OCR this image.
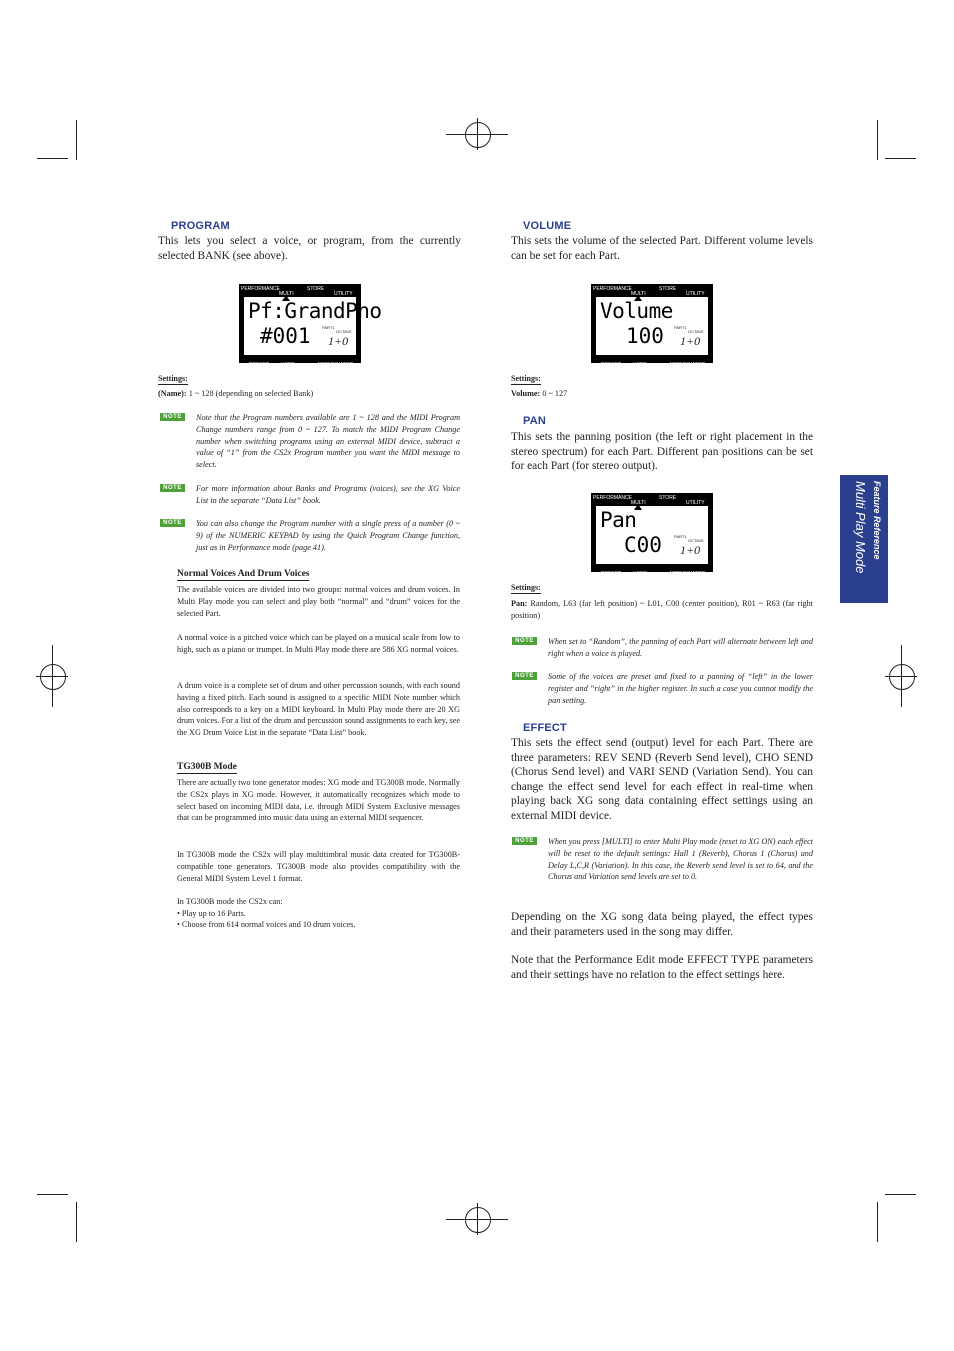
PROGRAM
This lets you select a voice, or program, from the currently selected BANK (see above).
PERFORMANCE
MULTI
STORE
UTILITY
Pf:GrandPno
#001	PART1
OCTAVE
1+0
PRESET USER	ARPEGGIATOR
Settings:
(Name): 1 ~ 128 (depending on selected Bank)
NOTE	Note that the Program numbers available are 1 ~ 128 and the MIDI Program Change numbers range from 0 ~ 127. To match the MIDI Program Change number when switching programs using an external MIDI device, subtract a value of “1” from the CS2x Program number you want the MIDI message to select.
NOTE	For more information about Banks and Programs (voices), see the XG Voice List in the separate “Data List” book.
NOTE	You can also change the Program number with a single press of a number (0 ~ 9) of the NUMERIC KEYPAD by using the Quick Program Change function, just as in Performance mode (page 41).
Normal Voices And Drum Voices
The available voices are divided into two groups: normal voices and drum voices. In Multi Play mode you can select and play both “normal” and “drum” voices for the selected Part.
A normal voice is a pitched voice which can be played on a musical scale from low to high, such as a piano or trumpet. In Multi Play mode there are 586 XG normal voices.
A drum voice is a complete set of drum and other percussion sounds, with each sound having a fixed pitch. Each sound is assigned to a specific MIDI Note number which also corresponds to a key on a MIDI keyboard. In Multi Play mode there are 20 XG drum voices. For a list of the drum and percussion sound assignments to each key, see the XG Drum Voice List in the separate “Data List” book.
TG300B Mode
There are actually two tone generator modes: XG mode and TG300B mode. Normally the CS2x plays in XG mode. However, it automatically recognizes which mode to select based on incoming MIDI data, i.e. through MIDI System Exclusive messages that can be programmed into music data using an external MIDI sequencer.
In TG300B mode the CS2x will play multitimbral music data created for TG300B-compatible tone generators. TG300B mode also provides compatibility with the General MIDI System Level 1 format.
In TG300B mode the CS2x can:
• Play up to 16 Parts.
• Choose from 614 normal voices and 10 drum voices.
VOLUME
This sets the volume of the selected Part. Different volume levels can be set for each Part.
PERFORMANCE
MULTI
STORE
UTILITY
Volume
100	PART1
OCTAVE
1+0
PRESET USER	ARPEGGIATOR
Settings:
Volume: 0 ~ 127
PAN
This sets the panning position (the left or right placement in the stereo spectrum) for each Part. Different pan positions can be set for each Part (for stereo output).
PERFORMANCE
MULTI
STORE
UTILITY
Pan
C00	PART1
OCTAVE
1+0
PRESET USER	ARPEGGIATOR
Settings:
Pan: Random, L63 (far left position) ~ L01, C00 (center position), R01 ~ R63 (far right position)
NOTE	When set to “Random”, the panning of each Part will alternate between left and right when a voice is played.
NOTE	Some of the voices are preset and fixed to a panning of “left” in the lower register and “right” in the higher register. In such a case you cannot modify the pan setting.
EFFECT
This sets the effect send (output) level for each Part. There are three parameters: REV SEND (Reverb Send level), CHO SEND (Chorus Send level) and VARI SEND (Variation Send). You can change the effect send level for each effect in real-time when playing back XG song data containing effect settings using an external MIDI device.
NOTE	When you press [MULTI] to enter Multi Play mode (reset to XG ON) each effect will be reset to the default settings: Hall 1 (Reverb), Chorus 1 (Chorus) and Delay L,C,R (Variation). In this case, the Reverb send level is set to 64, and the Chorus and Variation send levels are set to 0.
Depending on the XG song data being played, the effect types and their parameters used in the song may differ.
Note that the Performance Edit mode EFFECT TYPE parameters and their settings have no relation to the effect settings here.
Feature Reference
Multi Play Mode
